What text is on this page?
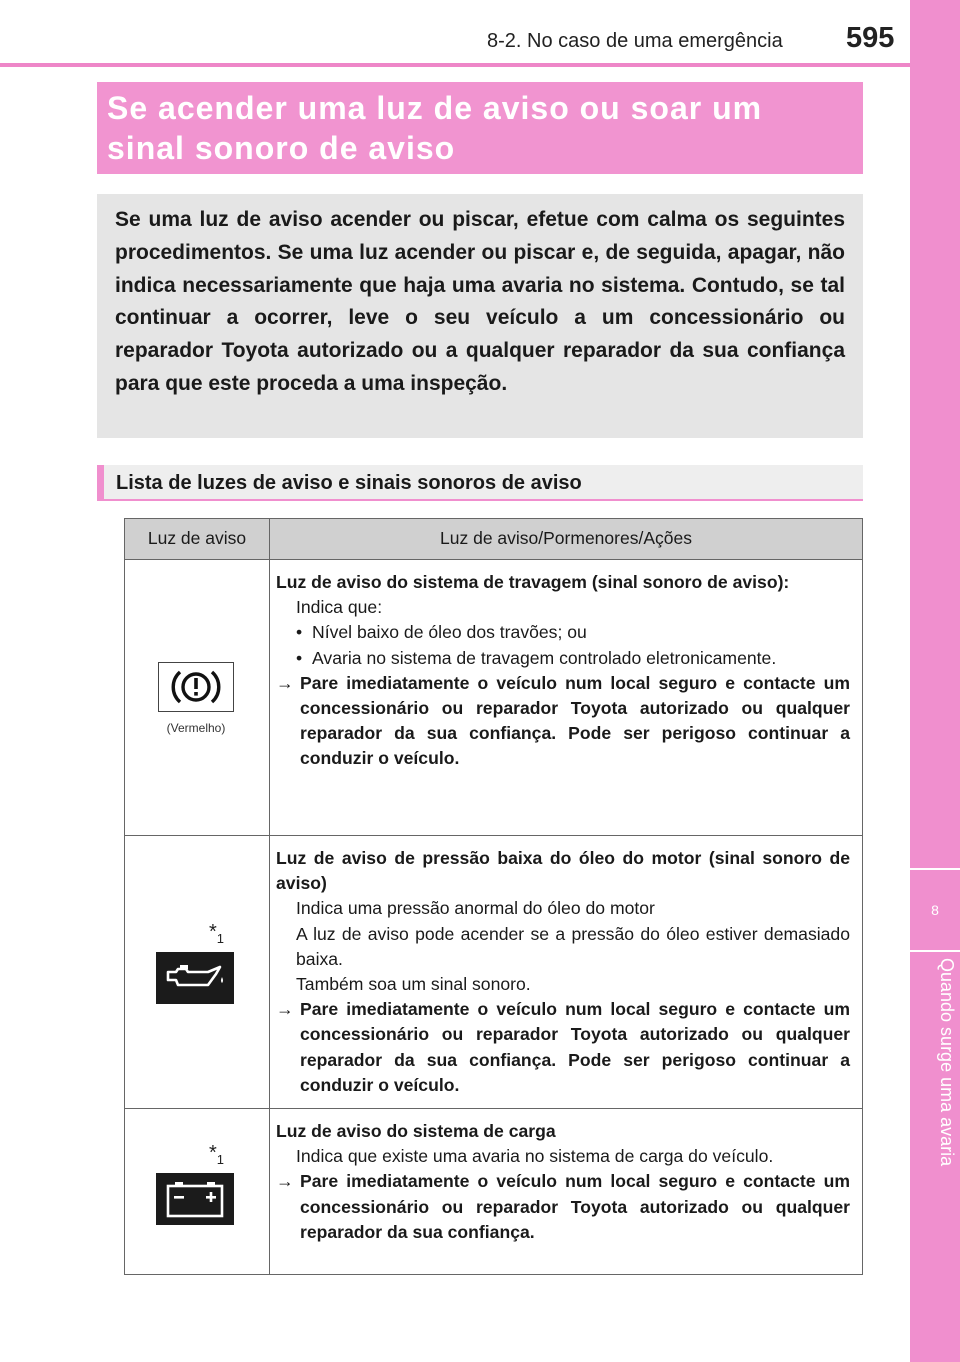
8-2. No caso de uma emergência 595
8
Quando surge uma avaria
Se acender uma luz de aviso ou soar um
sinal sonoro de aviso
Se uma luz de aviso acender ou piscar, efetue com calma os seguintes procedimentos. Se uma luz acender ou piscar e, de seguida, apagar, não indica necessariamente que haja uma avaria no sistema. Contudo, se tal continuar a ocorrer, leve o seu veículo a um concessionário ou reparador Toyota autorizado ou a qualquer reparador da sua confiança para que este proceda a uma inspeção.
Lista de luzes de aviso e sinais sonoros de aviso
Luz de aviso	Luz de aviso/Pormenores/Ações

(Vermelho)	Luz de aviso do sistema de travagem (sinal sonoro de aviso):
Indica que:
• Nível baixo de óleo dos travões; ou
• Avaria no sistema de travagem controlado eletronicamente.
→ Pare imediatamente o veículo num local seguro e contacte um concessionário ou reparador Toyota autorizado ou qualquer reparador da sua confiança. Pode ser perigoso continuar a conduzir o veículo.

$*_1$	Luz de aviso de pressão baixa do óleo do motor (sinal sonoro de aviso)
Indica uma pressão anormal do óleo do motor
A luz de aviso pode acender se a pressão do óleo estiver demasiado baixa.
Também soa um sinal sonoro.
→ Pare imediatamente o veículo num local seguro e contacte um concessionário ou reparador Toyota autorizado ou qualquer reparador da sua confiança. Pode ser perigoso continuar a conduzir o veículo.

$*_1$	Luz de aviso do sistema de carga
Indica que existe uma avaria no sistema de carga do veículo.
→ Pare imediatamente o veículo num local seguro e contacte um concessionário ou reparador Toyota autorizado ou qualquer reparador da sua confiança.
